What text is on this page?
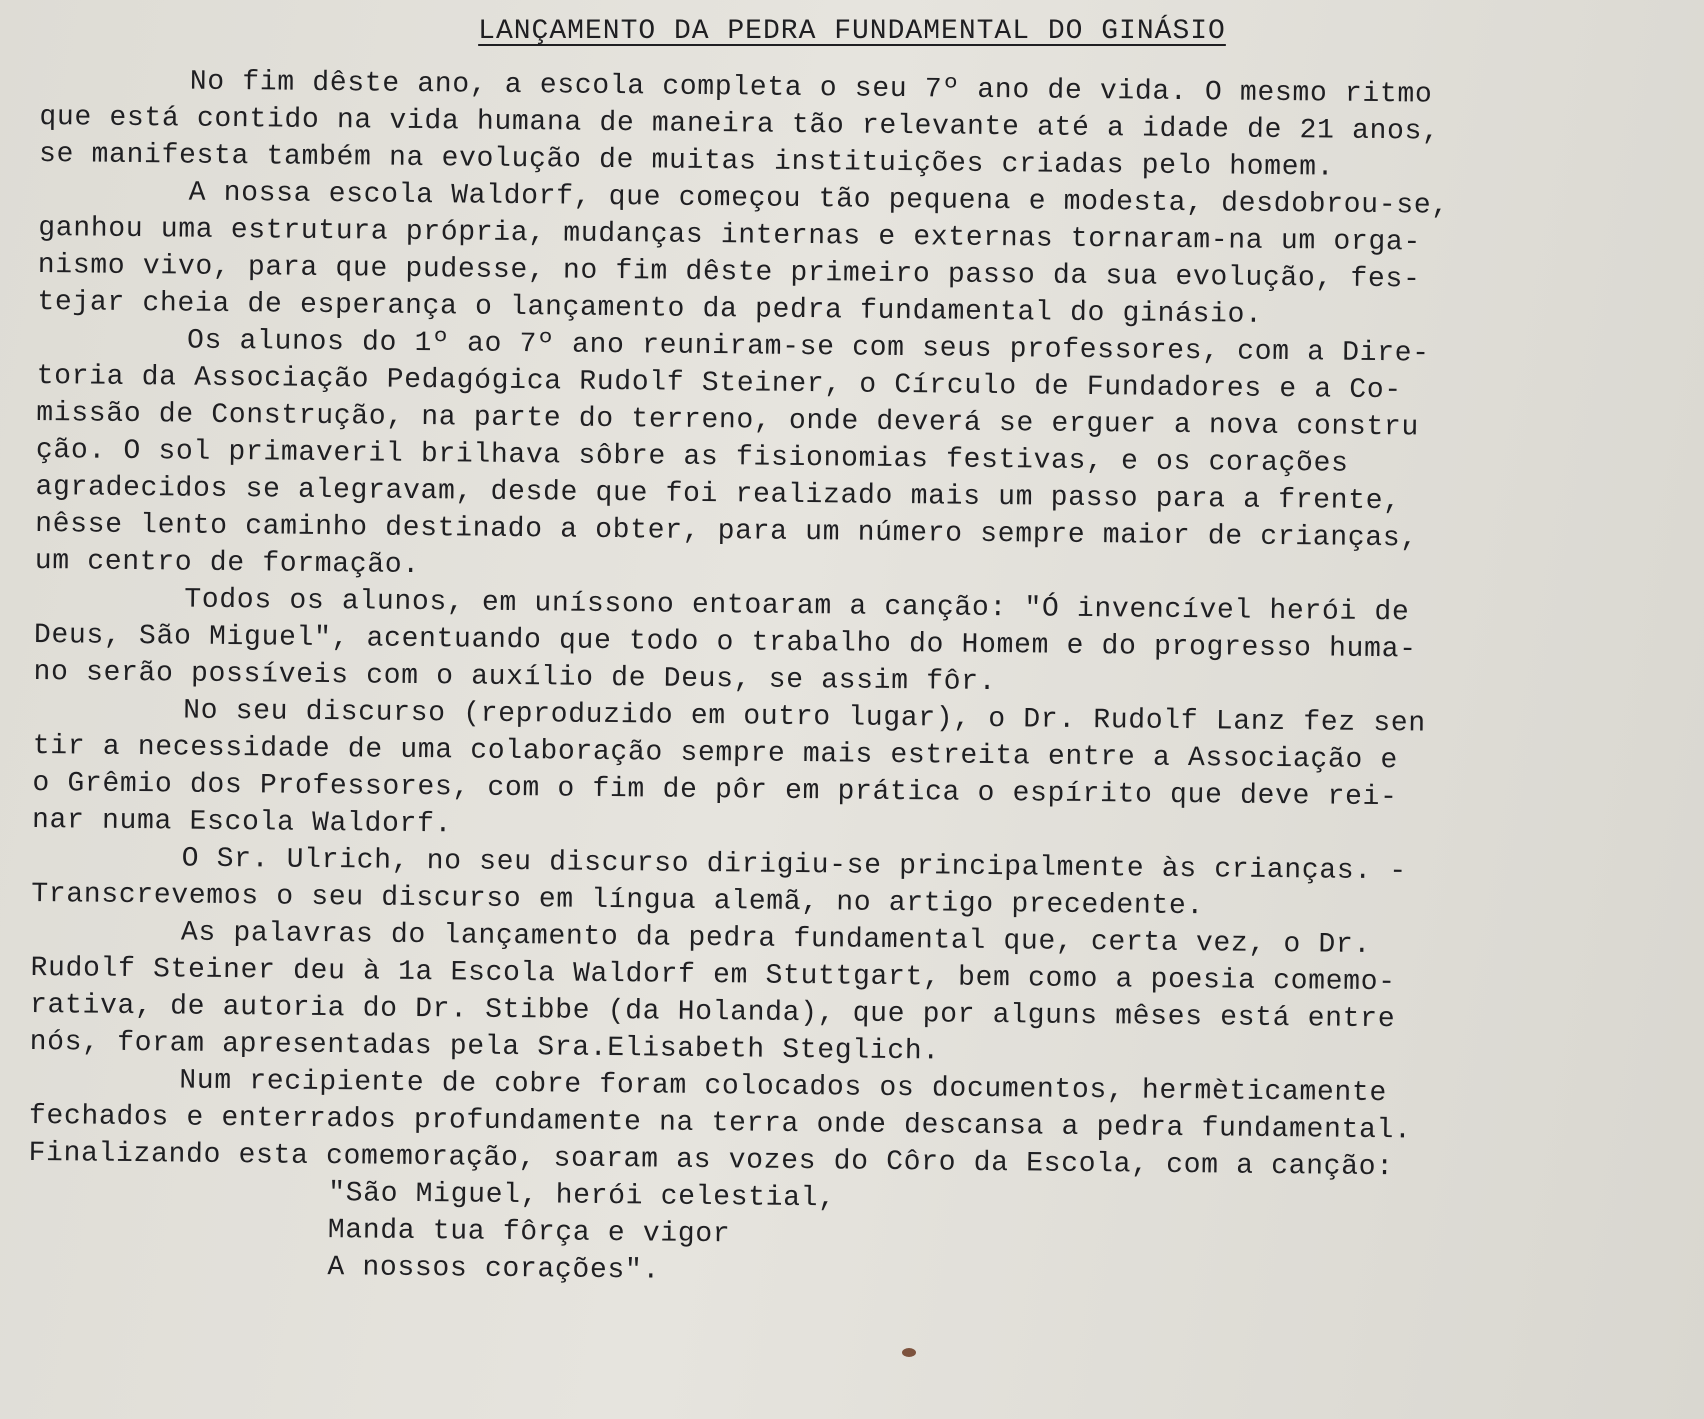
LANÇAMENTO DA PEDRA FUNDAMENTAL DO GINÁSIO

No fim dêste ano, a escola completa o seu 7º ano de vida. O mesmo ritmo
que está contido na vida humana de maneira tão relevante até a idade de 21 anos,
se manifesta também na evolução de muitas instituições criadas pelo homem.

A nossa escola Waldorf, que começou tão pequena e modesta, desdobrou-se,
ganhou uma estrutura própria, mudanças internas e externas tornaram-na um orga-
nismo vivo, para que pudesse, no fim dêste primeiro passo da sua evolução, fes-
tejar cheia de esperança o lançamento da pedra fundamental do ginásio.

Os alunos do 1º ao 7º ano reuniram-se com seus professores, com a Dire-
toria da Associação Pedagógica Rudolf Steiner, o Círculo de Fundadores e a Co-
missão de Construção, na parte do terreno, onde deverá se erguer a nova constru
ção. O sol primaveril brilhava sôbre as fisionomias festivas, e os corações
agradecidos se alegravam, desde que foi realizado mais um passo para a frente,
nêsse lento caminho destinado a obter, para um número sempre maior de crianças,
um centro de formação.

Todos os alunos, em uníssono entoaram a canção: "Ó invencível herói de
Deus, São Miguel", acentuando que todo o trabalho do Homem e do progresso huma-
no serão possíveis com o auxílio de Deus, se assim fôr.

No seu discurso (reproduzido em outro lugar), o Dr. Rudolf Lanz fez sen
tir a necessidade de uma colaboração sempre mais estreita entre a Associação e
o Grêmio dos Professores, com o fim de pôr em prática o espírito que deve rei-
nar numa Escola Waldorf.

O Sr. Ulrich, no seu discurso dirigiu-se principalmente às crianças. -
Transcrevemos o seu discurso em língua alemã, no artigo precedente.

As palavras do lançamento da pedra fundamental que, certa vez, o Dr.
Rudolf Steiner deu à 1a Escola Waldorf em Stuttgart, bem como a poesia comemo-
rativa, de autoria do Dr. Stibbe (da Holanda), que por alguns mêses está entre
nós, foram apresentadas pela Sra.Elisabeth Steglich.

Num recipiente de cobre foram colocados os documentos, hermèticamente
fechados e enterrados profundamente na terra onde descansa a pedra fundamental.
Finalizando esta comemoração, soaram as vozes do Côro da Escola, com a canção:

"São Miguel, herói celestial,
Manda tua fôrça e vigor
A nossos corações".
